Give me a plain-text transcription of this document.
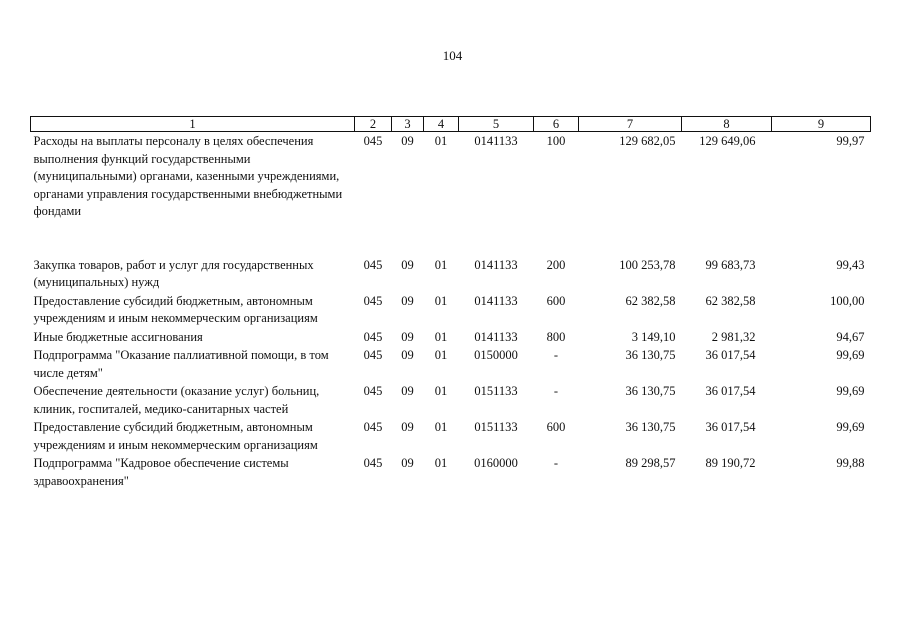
104
1	2	3	4	5	6	7	8	9
Расходы на выплаты персоналу в целях обеспечения выполнения функций государственными (муниципальными) органами, казенными учреждениями, органами управления государственными внебюджетными фондами	045	09	01	0141133	100	129 682,05	129 649,06	99,97
Закупка товаров, работ и услуг для государственных (муниципальных) нужд	045	09	01	0141133	200	100 253,78	99 683,73	99,43
Предоставление субсидий бюджетным, автономным учреждениям и иным некоммерческим организациям	045	09	01	0141133	600	62 382,58	62 382,58	100,00
Иные бюджетные ассигнования	045	09	01	0141133	800	3 149,10	2 981,32	94,67
Подпрограмма "Оказание паллиативной помощи, в том числе детям"	045	09	01	0150000	-	36 130,75	36 017,54	99,69
Обеспечение деятельности (оказание услуг) больниц, клиник, госпиталей, медико-санитарных частей	045	09	01	0151133	-	36 130,75	36 017,54	99,69
Предоставление субсидий бюджетным, автономным учреждениям и иным некоммерческим организациям	045	09	01	0151133	600	36 130,75	36 017,54	99,69
Подпрограмма "Кадровое обеспечение системы здравоохранения"	045	09	01	0160000	-	89 298,57	89 190,72	99,88
